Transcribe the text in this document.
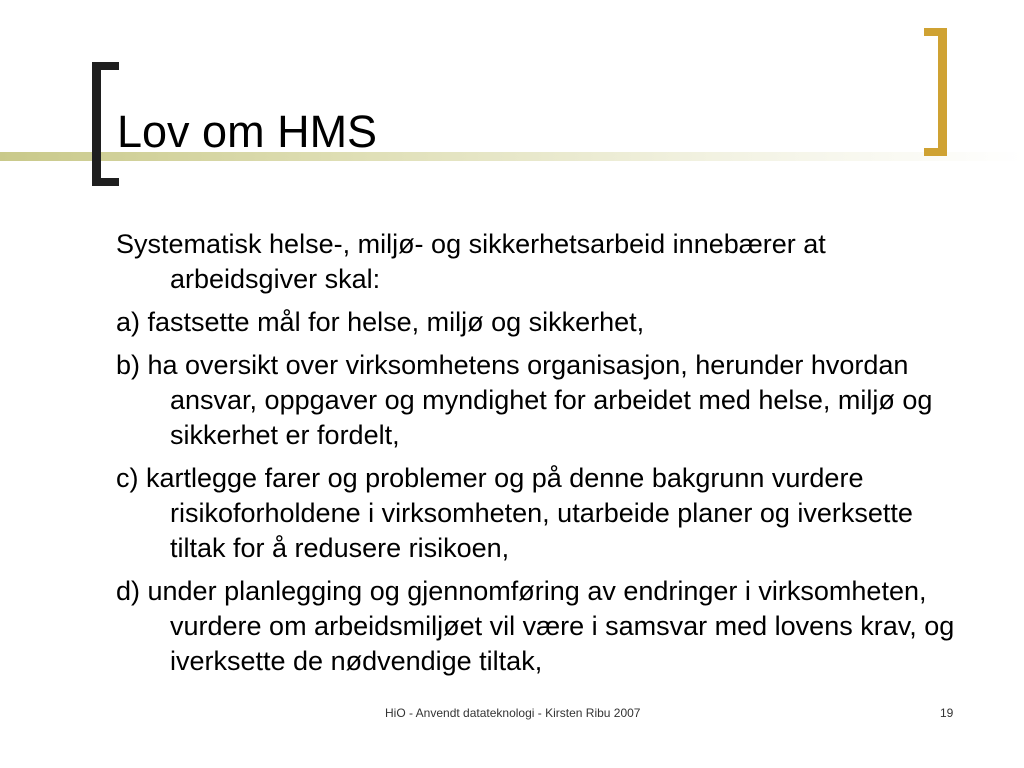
Lov om HMS

Systematisk helse-, miljø- og sikkerhetsarbeid innebærer at arbeidsgiver skal:

a) fastsette mål for helse, miljø og sikkerhet,

b) ha oversikt over virksomhetens organisasjon, herunder hvordan ansvar, oppgaver og myndighet for arbeidet med helse, miljø og sikkerhet er fordelt,

c) kartlegge farer og problemer og på denne bakgrunn vurdere risikoforholdene i virksomheten, utarbeide planer og iverksette tiltak for å redusere risikoen,

d) under planlegging og gjennomføring av endringer i virksomheten, vurdere om arbeidsmiljøet vil være i samsvar med lovens krav, og iverksette de nødvendige tiltak,

HiO - Anvendt datateknologi - Kirsten Ribu 2007	19
